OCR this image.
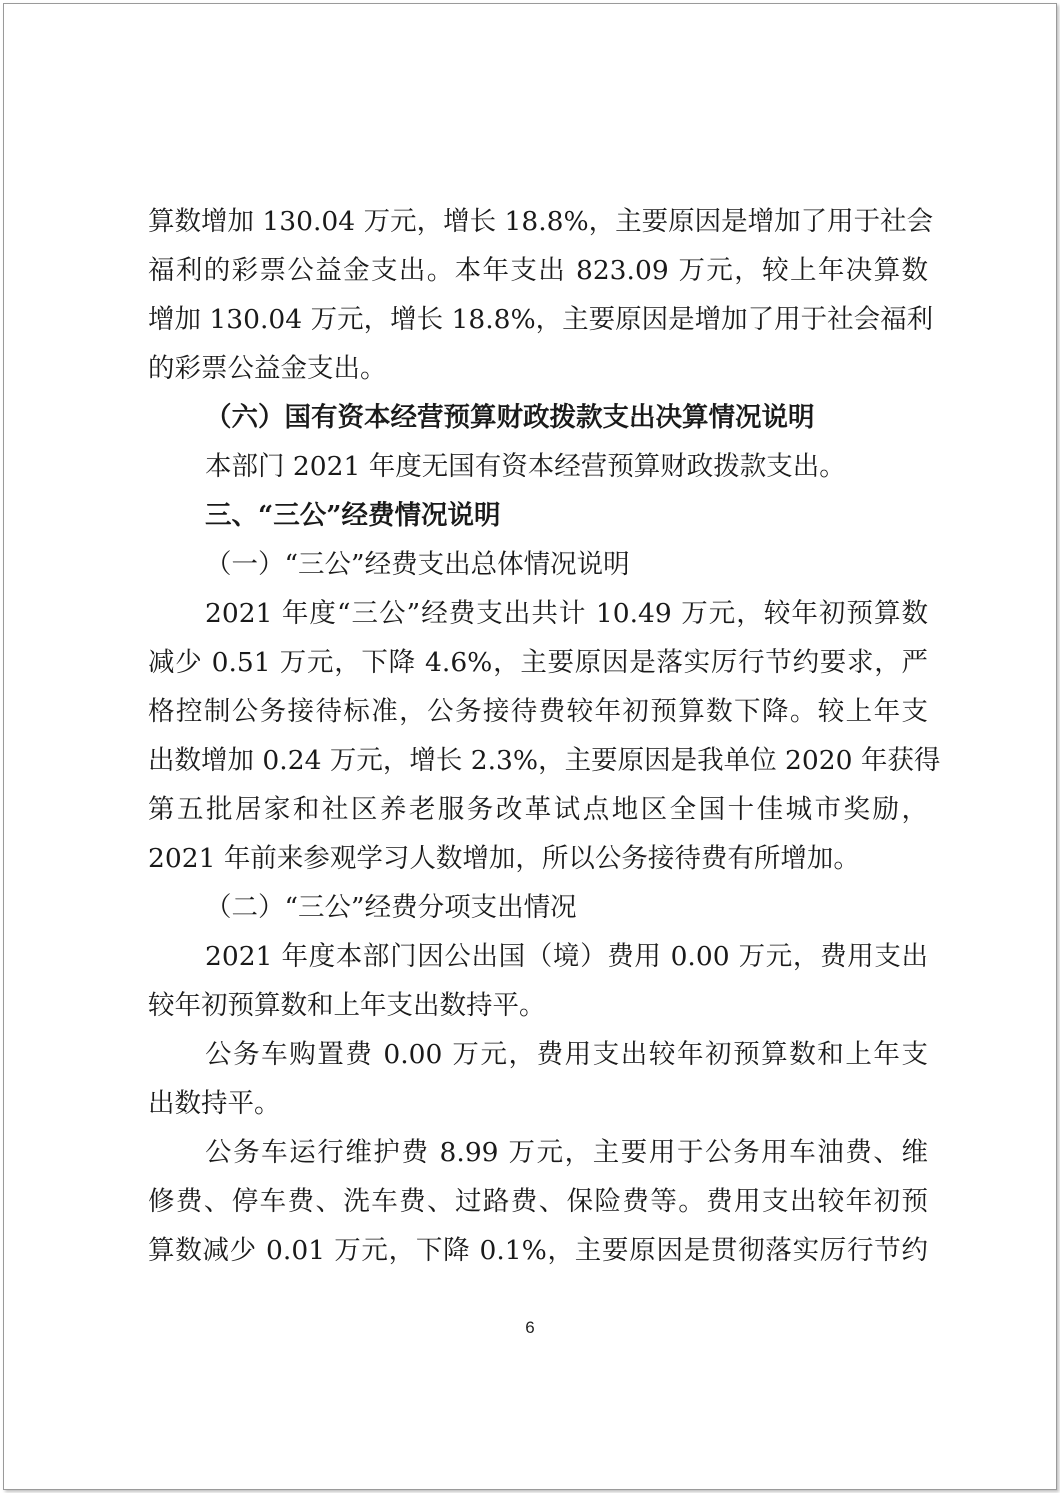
算数增加 130.04 万元，增长 18.8%，主要原因是增加了用于社会
福利的彩票公益金支出。本年支出 823.09 万元，较上年决算数
增加 130.04 万元，增长 18.8%，主要原因是增加了用于社会福利
的彩票公益金支出。
（六）国有资本经营预算财政拨款支出决算情况说明
本部门 2021 年度无国有资本经营预算财政拨款支出。
三、“三公”经费情况说明
（一）“三公”经费支出总体情况说明
2021 年度“三公”经费支出共计 10.49 万元，较年初预算数
减少 0.51 万元，下降 4.6%，主要原因是落实厉行节约要求，严
格控制公务接待标准，公务接待费较年初预算数下降。较上年支
出数增加 0.24 万元，增长 2.3%，主要原因是我单位 2020 年获得
第五批居家和社区养老服务改革试点地区全国十佳城市奖励，
2021 年前来参观学习人数增加，所以公务接待费有所增加。
（二）“三公”经费分项支出情况
2021 年度本部门因公出国（境）费用 0.00 万元，费用支出
较年初预算数和上年支出数持平。
公务车购置费 0.00 万元，费用支出较年初预算数和上年支
出数持平。
公务车运行维护费 8.99 万元，主要用于公务用车油费、维
修费、停车费、洗车费、过路费、保险费等。费用支出较年初预
算数减少 0.01 万元，下降 0.1%，主要原因是贯彻落实厉行节约
6
